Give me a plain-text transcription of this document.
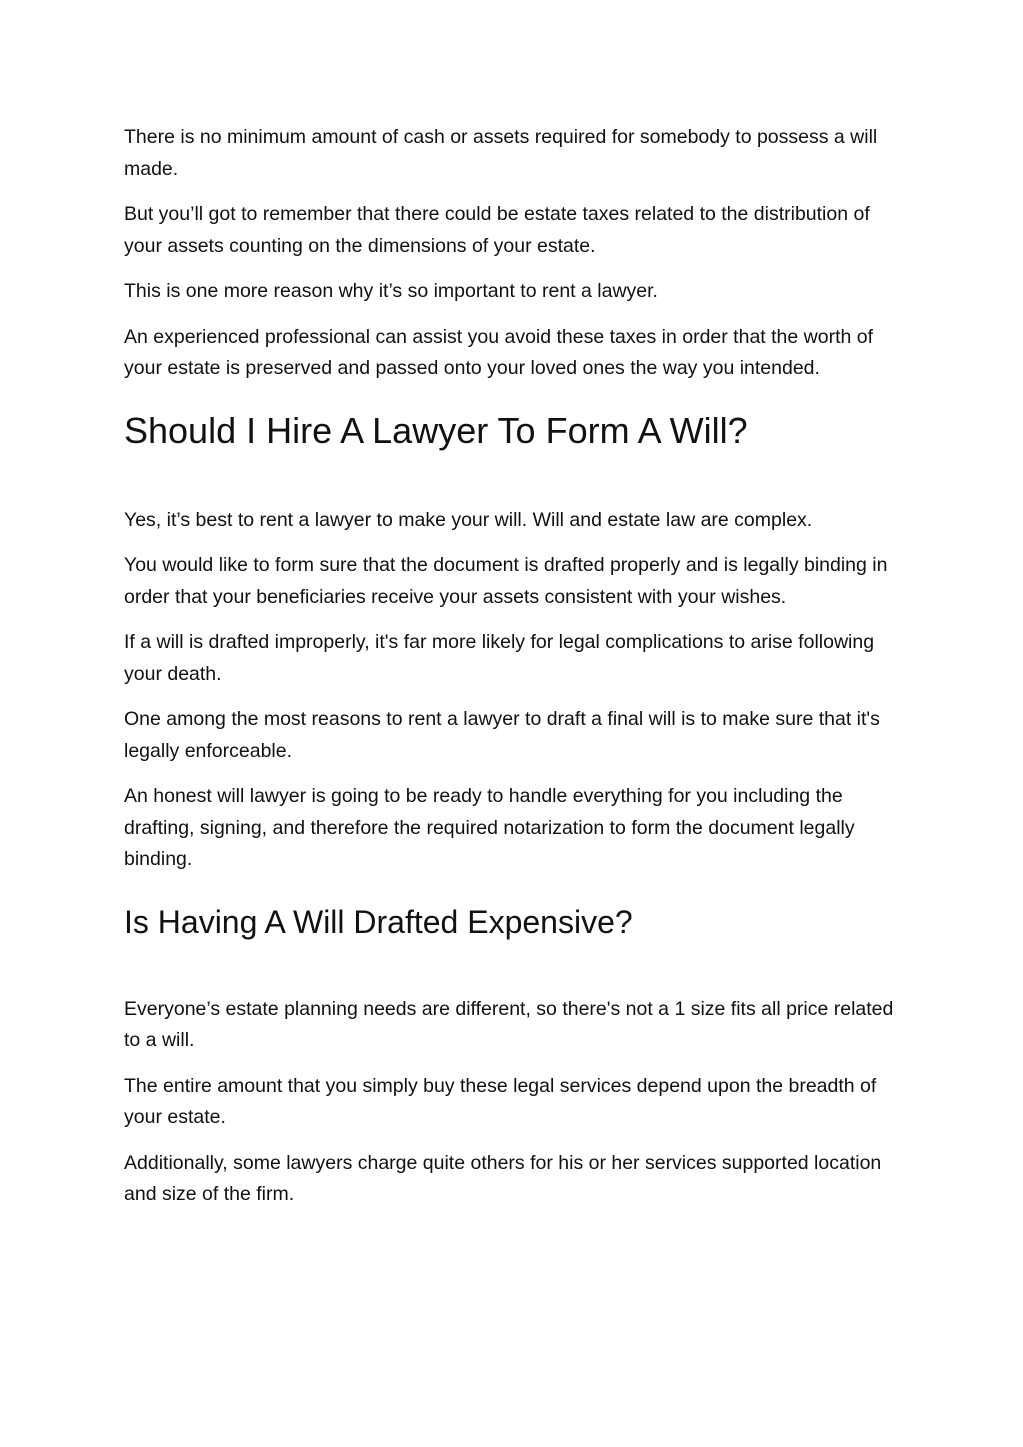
There is no minimum amount of cash or assets required for somebody to possess a will made.

But you’ll got to remember that there could be estate taxes related to the distribution of your assets counting on the dimensions of your estate.

This is one more reason why it’s so important to rent a lawyer.

An experienced professional can assist you avoid these taxes in order that the worth of your estate is preserved and passed onto your loved ones the way you intended.

Should I Hire A Lawyer To Form A Will?

Yes, it’s best to rent a lawyer to make your will. Will and estate law are complex.

You would like to form sure that the document is drafted properly and is legally binding in order that your beneficiaries receive your assets consistent with your wishes.

If a will is drafted improperly, it's far more likely for legal complications to arise following your death.

One among the most reasons to rent a lawyer to draft a final will is to make sure that it's legally enforceable.

An honest will lawyer is going to be ready to handle everything for you including the drafting, signing, and therefore the required notarization to form the document legally binding.

Is Having A Will Drafted Expensive?

Everyone’s estate planning needs are different, so there's not a 1 size fits all price related to a will.

The entire amount that you simply buy these legal services depend upon the breadth of your estate.

Additionally, some lawyers charge quite others for his or her services supported location and size of the firm.
